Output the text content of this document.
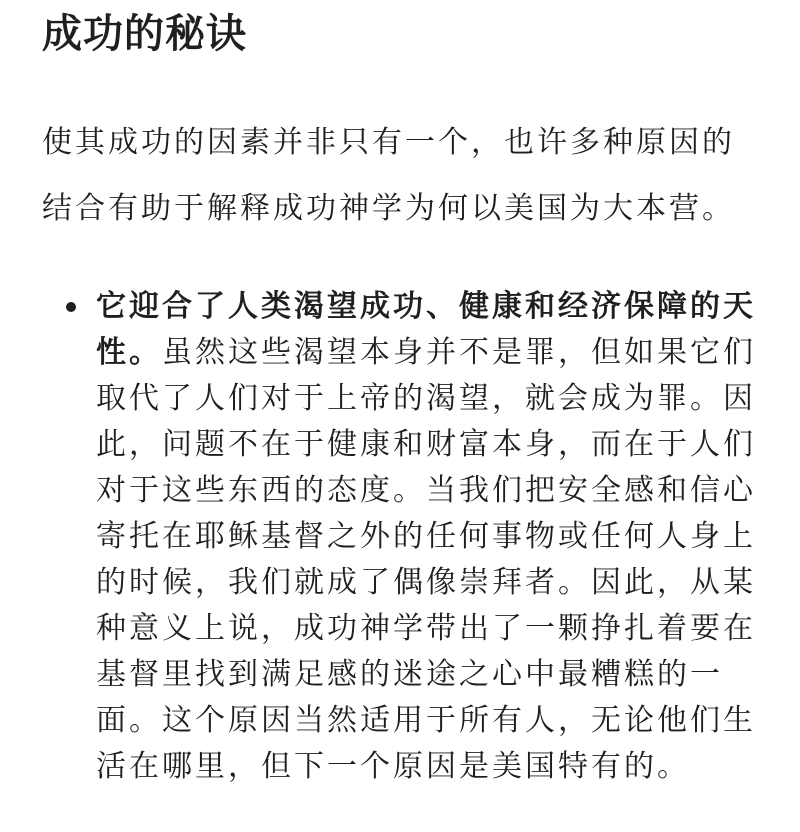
成功的秘诀

使其成功的因素并非只有一个，也许多种原因的结合有助于解释成功神学为何以美国为大本营。

它迎合了人类渴望成功、健康和经济保障的天性。虽然这些渴望本身并不是罪，但如果它们取代了人们对于上帝的渴望，就会成为罪。因此，问题不在于健康和财富本身，而在于人们对于这些东西的态度。当我们把安全感和信心寄托在耶稣基督之外的任何事物或任何人身上的时候，我们就成了偶像崇拜者。因此，从某种意义上说，成功神学带出了一颗挣扎着要在基督里找到满足感的迷途之心中最糟糕的一面。这个原因当然适用于所有人，无论他们生活在哪里，但下一个原因是美国特有的。
